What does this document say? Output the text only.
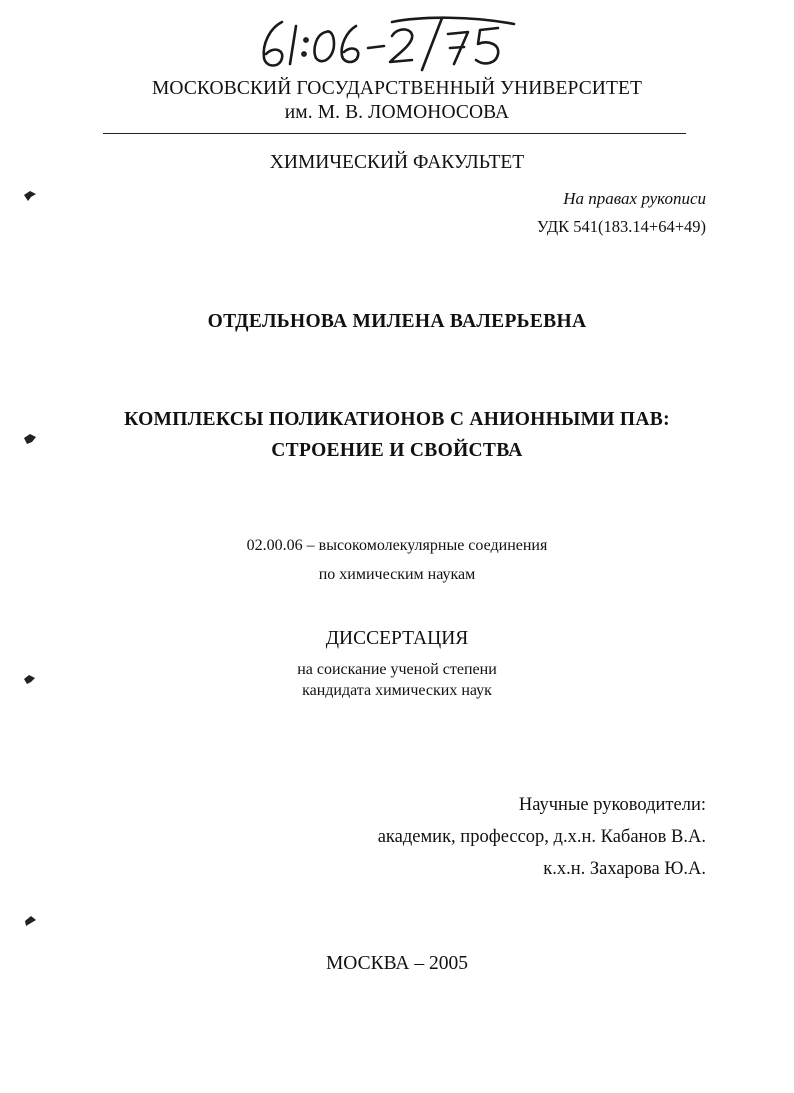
МОСКОВСКИЙ ГОСУДАРСТВЕННЫЙ УНИВЕРСИТЕТ
им. М. В. ЛОМОНОСОВА
ХИМИЧЕСКИЙ ФАКУЛЬТЕТ
На правах рукописи
УДК 541(183.14+64+49)
ОТДЕЛЬНОВА МИЛЕНА ВАЛЕРЬЕВНА
КОМПЛЕКСЫ ПОЛИКАТИОНОВ С АНИОННЫМИ ПАВ:
СТРОЕНИЕ И СВОЙСТВА
02.00.06 – высокомолекулярные соединения
по химическим наукам
ДИССЕРТАЦИЯ
на соискание ученой степени
кандидата химических наук
Научные руководители:
академик, профессор, д.х.н. Кабанов В.А.
к.х.н. Захарова Ю.А.
МОСКВА – 2005
